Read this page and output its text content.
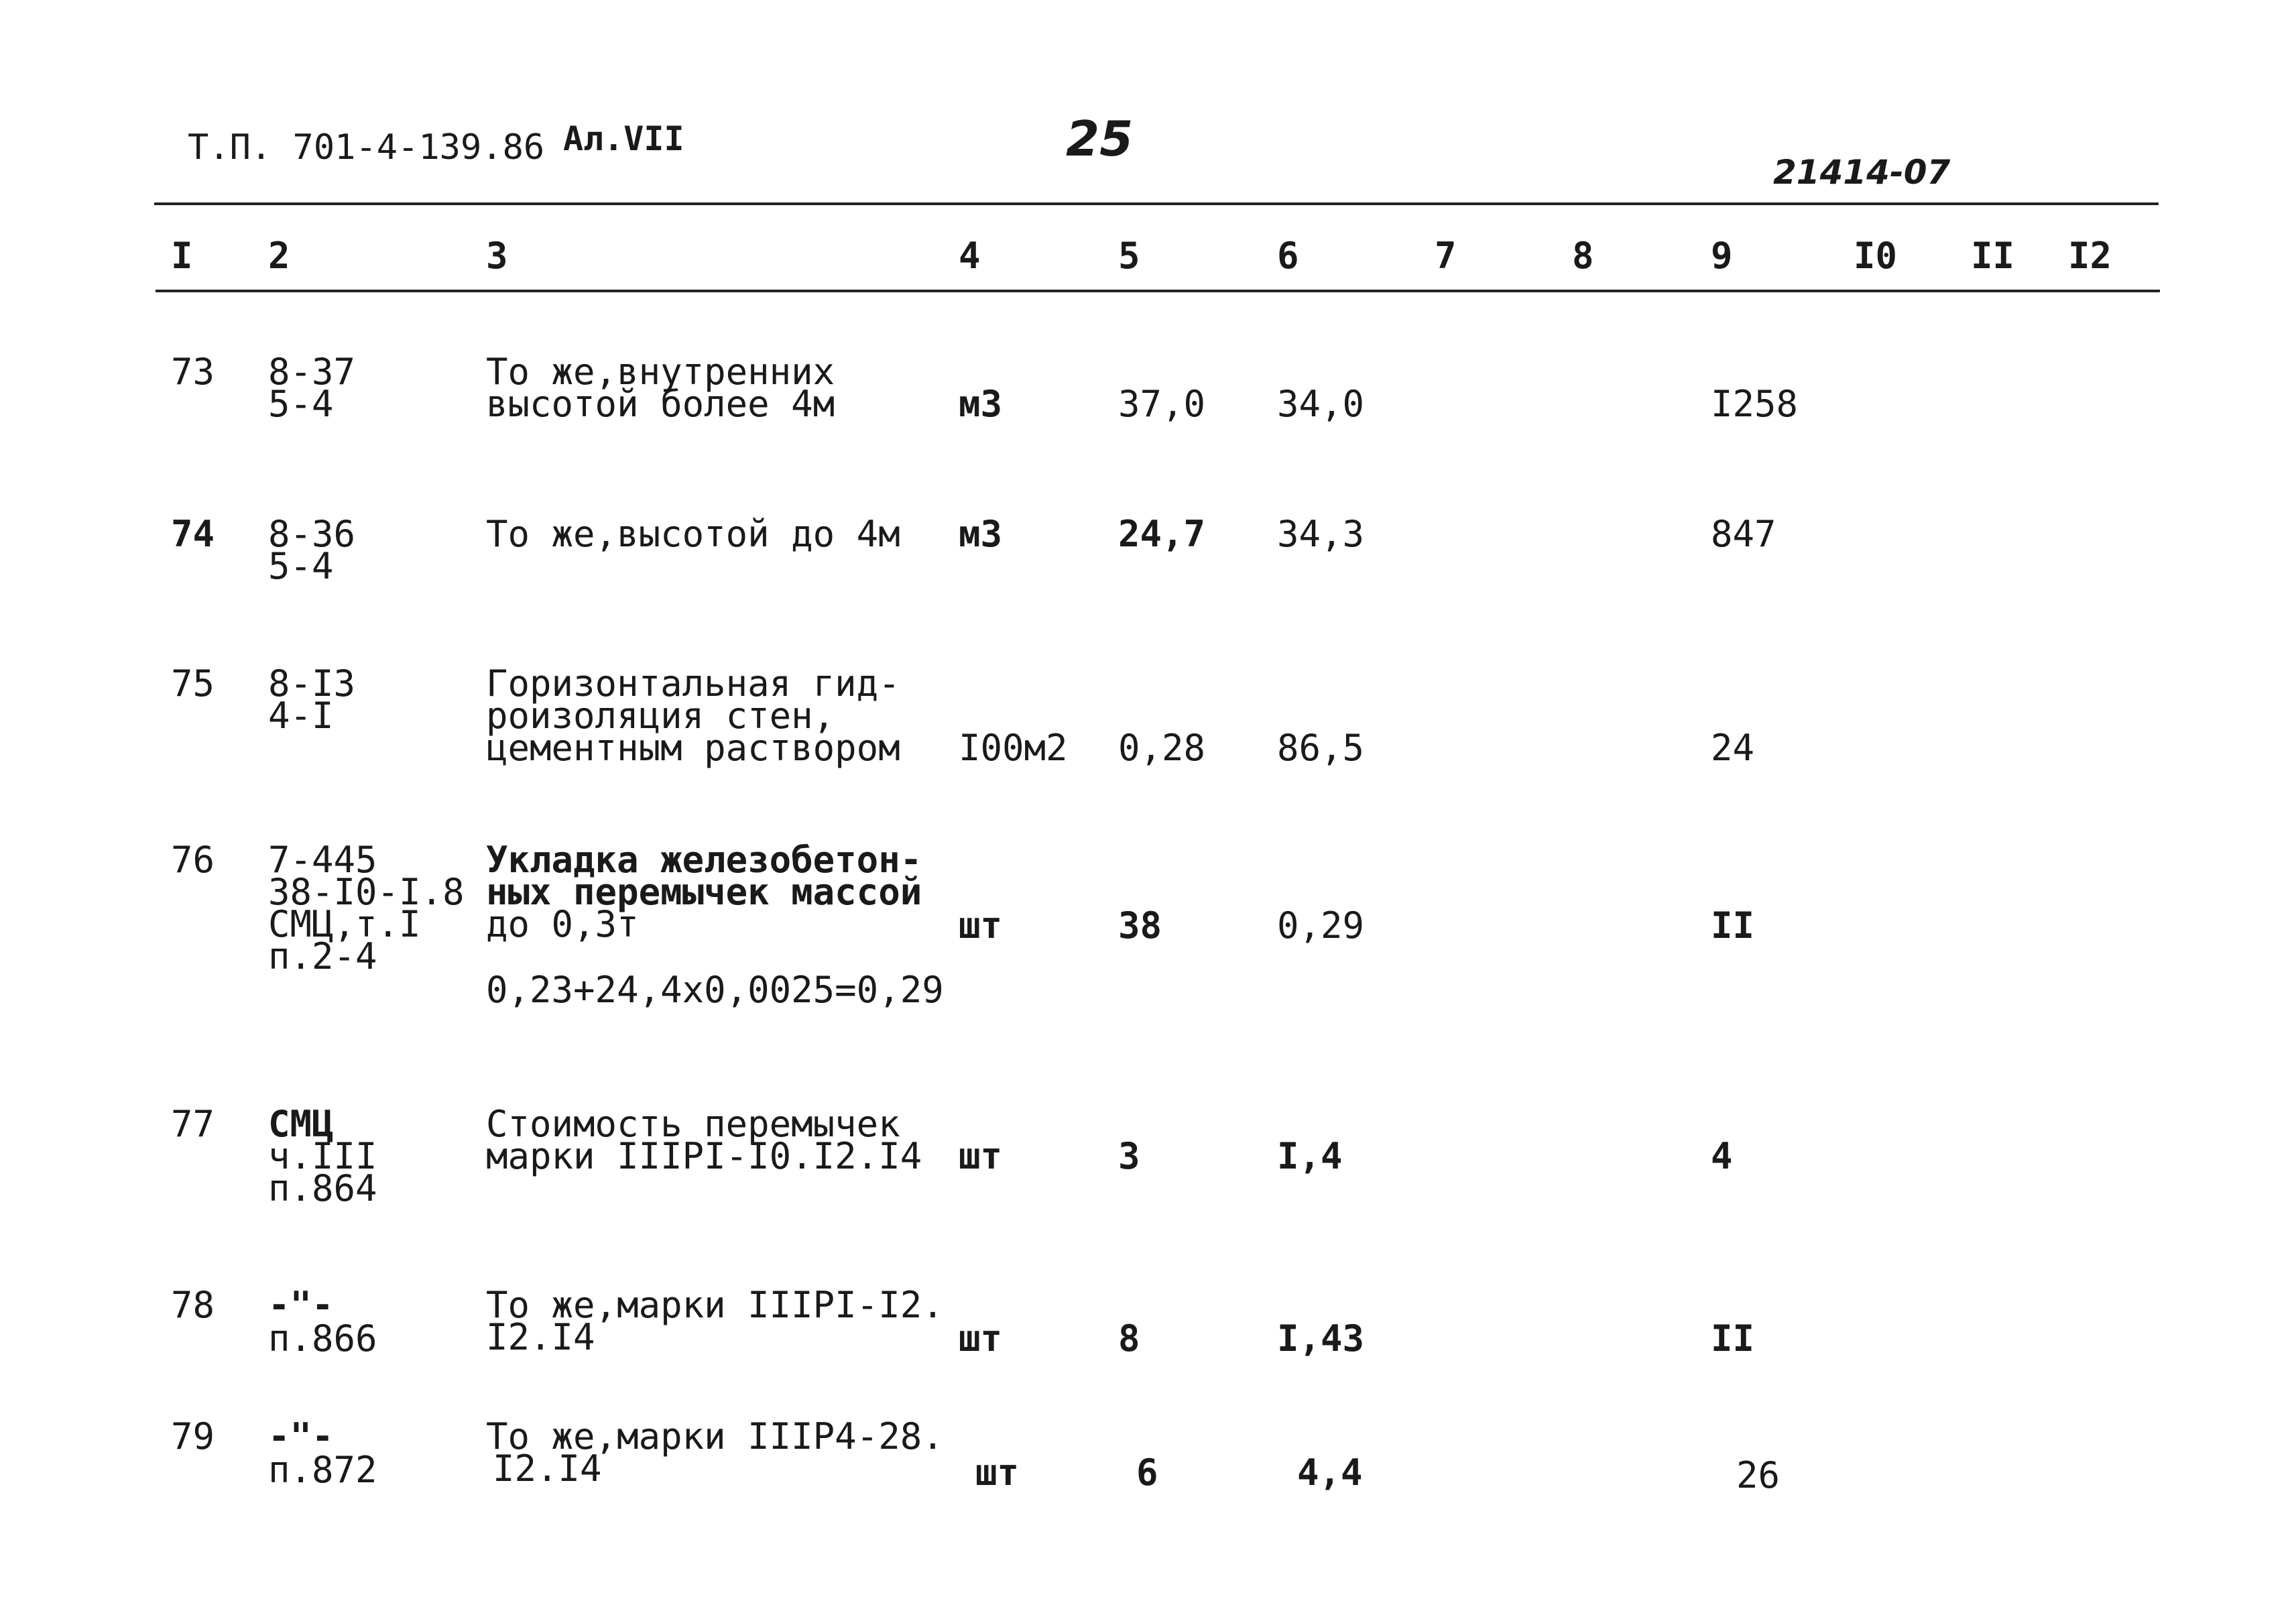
Т.П. 701-4-139.86 Ал.VII	25
21414-07
I 2	3	4	5	6	7	8	9	I0 II I2
73 8-37
5-4
То же,внутренних
высотой более 4м	м3	37,0 34,0	I258
74 8-36
5-4
То же,высотой до 4м м3	24,7 34,3	847
75 8-I3
4-I
Горизонтальная гид-
роизоляция стен,
цементным раствором I00м2 0,28 86,5	24
76 7-445
38-I0-I.8
СМЦ,т.I
п.2-4
Укладка железобетон-
ных перемычек массой
до 0,3т
0,23+24,4х0,0025=0,29
шт	38	0,29	II
77 СМЦ
ч.III
п.864
Стоимость перемычек
марки IIIPI-I0.I2.I4 шт	3	I,4	4
78 -"-
п.866
То же,марки IIIPI-I2.
I2.I4	шт	8	I,43	II
79 -"-
п.872
То же,марки IIIP4-28.
I2.I4	шт	6	4,4	26
